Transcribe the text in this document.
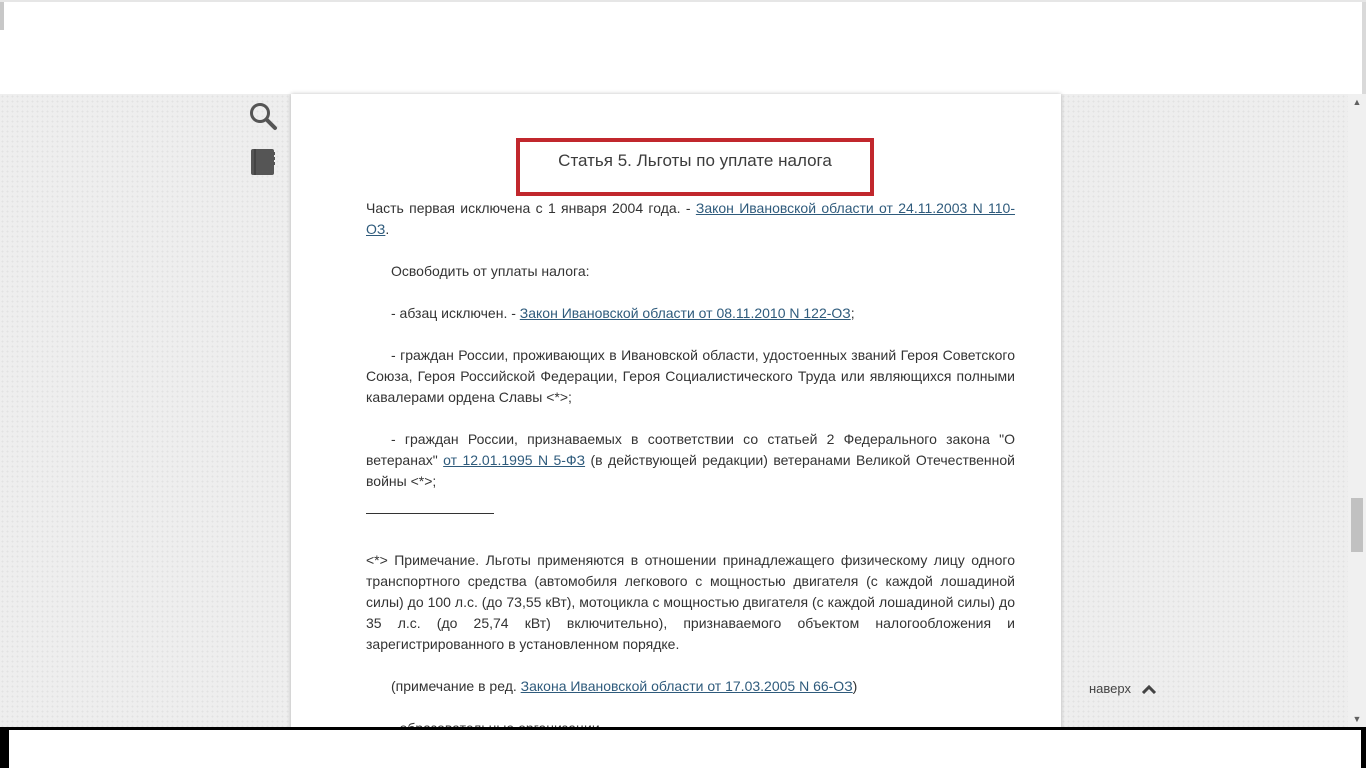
Статья 5. Льготы по уплате налога

Часть первая исключена с 1 января 2004 года. - Закон Ивановской области от 24.11.2003 N 110-ОЗ.

Освободить от уплаты налога:

- абзац исключен. - Закон Ивановской области от 08.11.2010 N 122-ОЗ;

- граждан России, проживающих в Ивановской области, удостоенных званий Героя Советского Союза, Героя Российской Федерации, Героя Социалистического Труда или являющихся полными кавалерами ордена Славы <*>;

- граждан России, признаваемых в соответствии со статьей 2 Федерального закона "О ветеранах" от 12.01.1995 N 5-ФЗ (в действующей редакции) ветеранами Великой Отечественной войны <*>;

<*> Примечание. Льготы применяются в отношении принадлежащего физическому лицу одного транспортного средства (автомобиля легкового с мощностью двигателя (с каждой лошадиной силы) до 100 л.с. (до 73,55 кВт), мотоцикла с мощностью двигателя (с каждой лошадиной силы) до 35 л.с. (до 25,74 кВт) включительно), признаваемого объектом налогообложения и зарегистрированного в установленном порядке.

(примечание в ред. Закона Ивановской области от 17.03.2005 N 66-ОЗ)	наверх
▲
▼
